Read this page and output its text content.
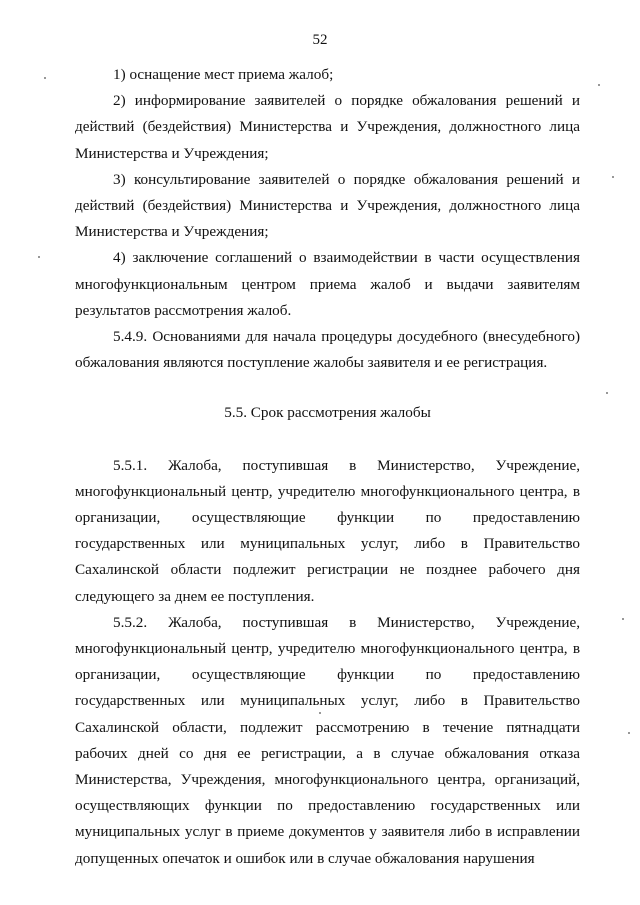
52

1) оснащение мест приема жалоб;

2) информирование заявителей о порядке обжалования решений и действий (бездействия) Министерства и Учреждения, должностного лица Министерства и Учреждения;

3) консультирование заявителей о порядке обжалования решений и действий (бездействия) Министерства и Учреждения, должностного лица Министерства и Учреждения;

4) заключение соглашений о взаимодействии в части осуществления многофункциональным центром приема жалоб и выдачи заявителям результатов рассмотрения жалоб.

5.4.9. Основаниями для начала процедуры досудебного (внесудебного) обжалования являются поступление жалобы заявителя и ее регистрация.

5.5. Срок рассмотрения жалобы

5.5.1. Жалоба, поступившая в Министерство, Учреждение, многофункциональный центр, учредителю многофункционального центра, в организации, осуществляющие функции по предоставлению государственных или муниципальных услуг, либо в Правительство Сахалинской области подлежит регистрации не позднее рабочего дня следующего за днем ее поступления.

5.5.2. Жалоба, поступившая в Министерство, Учреждение, многофункциональный центр, учредителю многофункционального центра, в организации, осуществляющие функции по предоставлению государственных или муниципальных услуг, либо в Правительство Сахалинской области, подлежит рассмотрению в течение пятнадцати рабочих дней со дня ее регистрации, а в случае обжалования отказа Министерства, Учреждения, многофункционального центра, организаций, осуществляющих функции по предоставлению государственных или муниципальных услуг в приеме документов у заявителя либо в исправлении допущенных опечаток и ошибок или в случае обжалования нарушения
